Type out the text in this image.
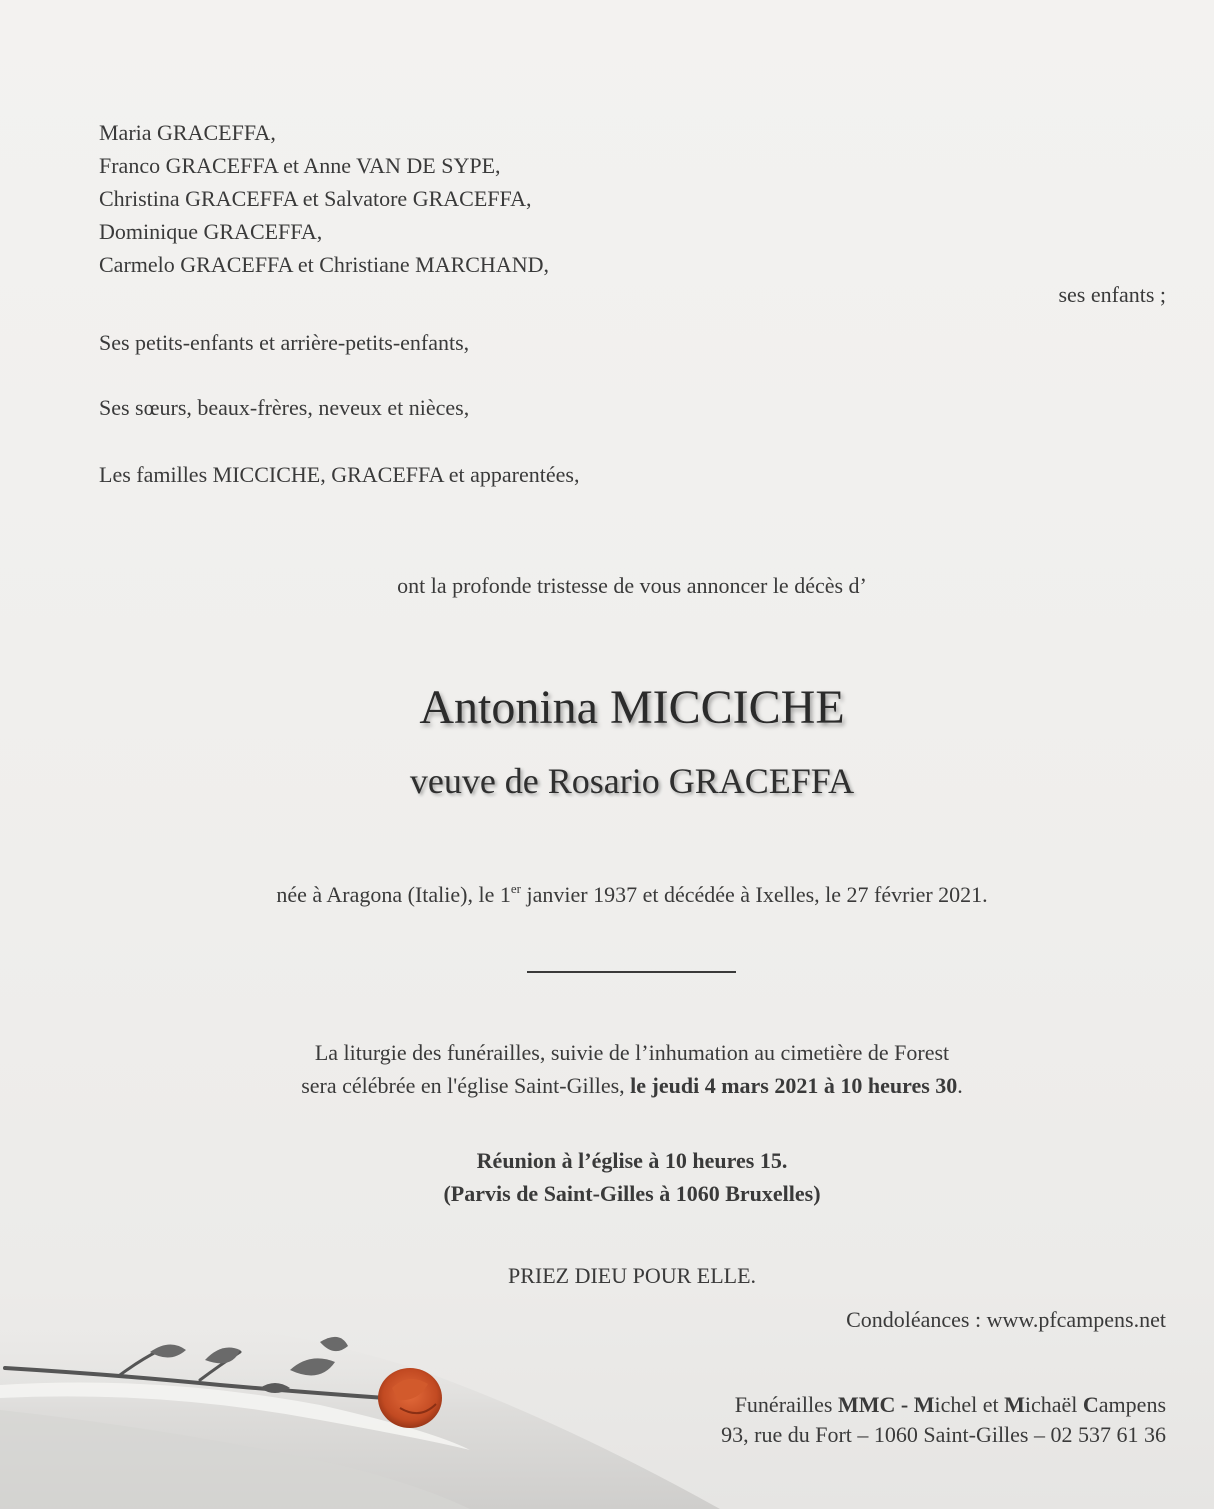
Maria GRACEFFA,
Franco GRACEFFA et Anne VAN DE SYPE,
Christina GRACEFFA et Salvatore GRACEFFA,
Dominique GRACEFFA,
Carmelo GRACEFFA et Christiane MARCHAND,
ses enfants ;
Ses petits-enfants et arrière-petits-enfants,
Ses sœurs, beaux-frères, neveux et nièces,
Les familles MICCICHE, GRACEFFA et apparentées,
ont la profonde tristesse de vous annoncer le décès d’
Antonina MICCICHE
veuve de Rosario GRACEFFA
née à Aragona (Italie), le 1er janvier 1937 et décédée à Ixelles, le 27 février 2021.
La liturgie des funérailles, suivie de l’inhumation au cimetière de Forest
sera célébrée en l'église Saint-Gilles, le jeudi 4 mars 2021 à 10 heures 30.
Réunion à l’église à 10 heures 15.
(Parvis de Saint-Gilles à 1060 Bruxelles)
PRIEZ DIEU POUR ELLE.
Condoléances : www.pfcampens.net
Funérailles MMC - Michel et Michaël Campens
93, rue du Fort – 1060 Saint-Gilles – 02 537 61 36
